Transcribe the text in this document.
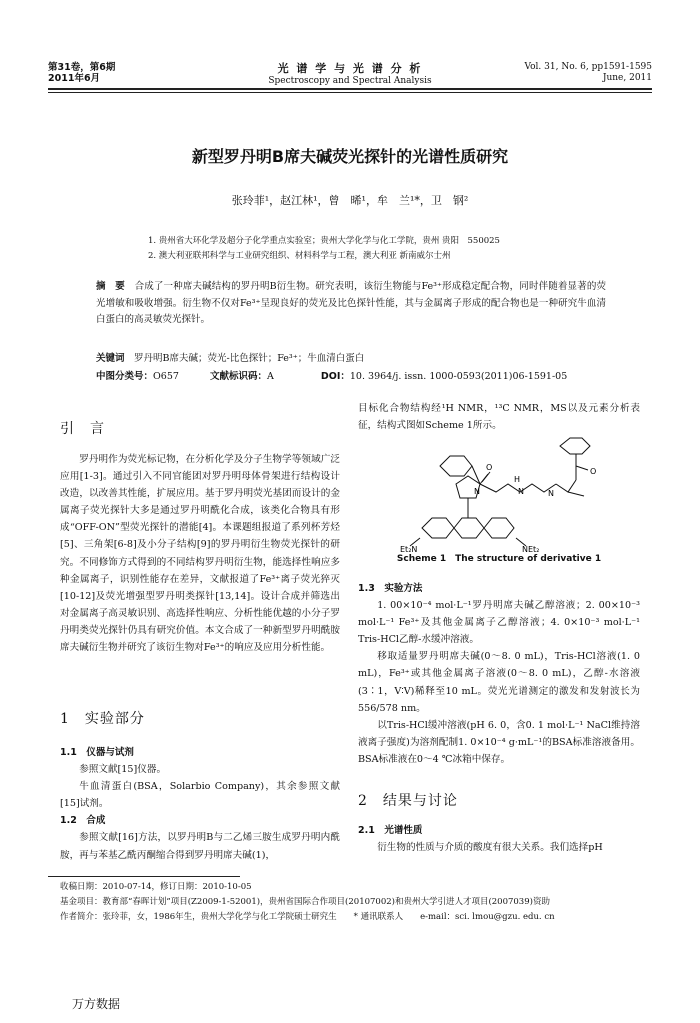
第31卷，第6期
2011年6月
光 谱 学 与 光 谱 分 析
Spectroscopy and Spectral Analysis
Vol. 31, No. 6, pp1591-1595
June, 2011
新型罗丹明B席夫碱荧光探针的光谱性质研究
张玲菲¹，赵江林¹，曾　晞¹，牟　兰¹*，卫　钢²
1. 贵州省大环化学及超分子化学重点实验室；贵州大学化学与化工学院，贵州 贵阳　550025
2. 澳大利亚联邦科学与工业研究组织、材料科学与工程，澳大利亚 新南威尔士州
摘　要　 合成了一种席夫碱结构的罗丹明B衍生物。研究表明，该衍生物能与Fe³⁺形成稳定配合物，同时伴随着显著的荧光增敏和吸收增强。衍生物不仅对Fe³⁺呈现良好的荧光及比色探针性能，其与金属离子形成的配合物也是一种研究牛血清白蛋白的高灵敏荧光探针。
关键词　 罗丹明B席夫碱；荧光-比色探针；Fe³⁺；牛血清白蛋白
中图分类号：O657	文献标识码：A	DOI：10. 3964/j. issn. 1000-0593(2011)06-1591-05
引　言

罗丹明作为荧光标记物，在分析化学及分子生物学等领域广泛应用[1-3]。通过引入不同官能团对罗丹明母体骨架进行结构设计改造，以改善其性能，扩展应用。基于罗丹明荧光基团而设计的金属离子荧光探针大多是通过罗丹明酰化合成，该类化合物具有形成“OFF-ON”型荧光探针的潜能[4]。本课题组报道了系列杯芳烃[5]、三角架[6-8]及小分子结构[9]的罗丹明衍生物荧光探针的研究。不同修饰方式得到的不同结构罗丹明衍生物，能选择性响应多种金属离子，识别性能存在差异，文献报道了Fe³⁺离子荧光猝灭[10-12]及荧光增强型罗丹明类探针[13,14]。设计合成并筛选出对金属离子高灵敏识别、高选择性响应、分析性能优越的小分子罗丹明类荧光探针仍具有研究价值。本文合成了一种新型罗丹明酰胺席夫碱衍生物并研究了该衍生物对Fe³⁺的响应及应用分析性能。

1　实验部分

1.1　仪器与试剂

参照文献[15]仪器。

牛血清蛋白(BSA，Solarbio Company)，其余参照文献[15]试剂。

1.2　合成

参照文献[16]方法，以罗丹明B与二乙烯三胺生成罗丹明内酰胺，再与苯基乙酰丙酮缩合得到罗丹明席夫碱(1)，

目标化合物结构经¹H NMR，¹³C NMR，MS以及元素分析表征，结构式图如Scheme 1所示。

O
N
H
N	N
O
Et₂N	NEt₂
Scheme 1　The structure of derivative 1

1.3　实验方法

1. 00×10⁻⁴ mol·L⁻¹罗丹明席夫碱乙醇溶液；2. 00×10⁻³ mol·L⁻¹ Fe³⁺及其他金属离子乙醇溶液；4. 0×10⁻³ mol·L⁻¹ Tris-HCl乙醇-水缓冲溶液。

移取适量罗丹明席夫碱(0～8. 0 mL)，Tris-HCl溶液(1. 0 mL)，Fe³⁺或其他金属离子溶液(0～8. 0 mL)，乙醇-水溶液(3∶1，V∶V)稀释至10 mL。荧光光谱测定的激发和发射波长为556/578 nm。

以Tris-HCl缓冲溶液(pH 6. 0，含0. 1 mol·L⁻¹ NaCl维持溶液离子强度)为溶剂配制1. 0×10⁻⁴ g·mL⁻¹的BSA标准溶液备用。BSA标准液在0～4 ℃冰箱中保存。

2　结果与讨论

2.1　光谱性质

衍生物的性质与介质的酸度有很大关系。我们选择pH

收稿日期：2010-07-14，修订日期：2010-10-05
基金项目：教育部“春晖计划”项目(Z2009-1-52001)，贵州省国际合作项目(20107002)和贵州大学引进人才项目(2007039)资助
作者简介：张玲菲，女，1986年生，贵州大学化学与化工学院硕士研究生　　* 通讯联系人　　e-mail：sci. lmou@gzu. edu. cn
万方数据
